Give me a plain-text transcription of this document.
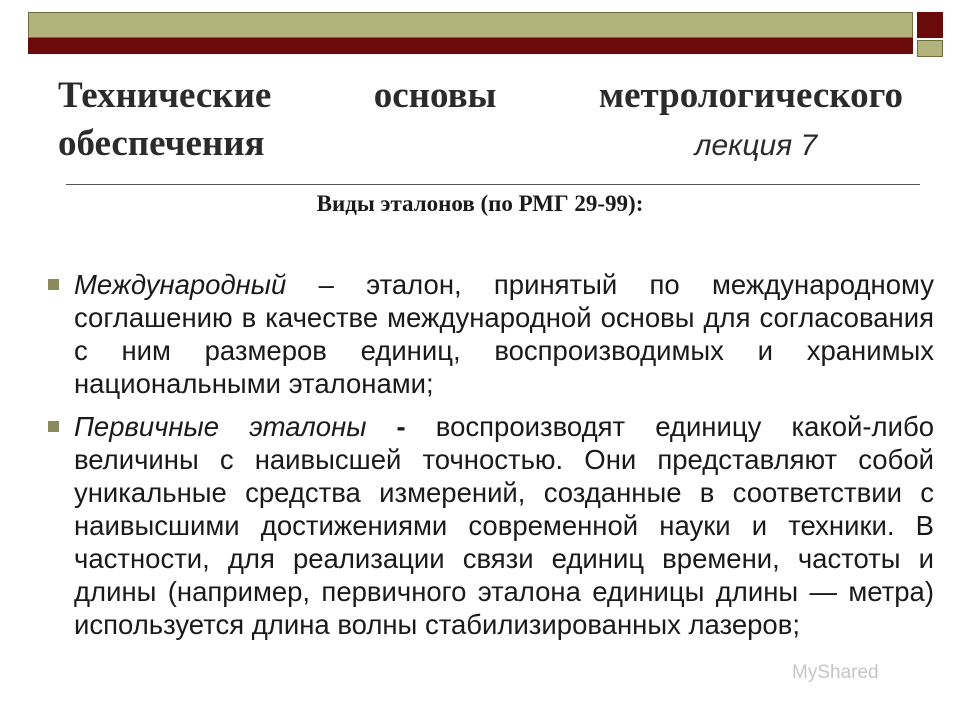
Технические	основы	метрологического
обеспечения	лекция 7
Виды эталонов (по РМГ 29-99):
Международный – эталон, принятый по международному соглашению в качестве международной основы для согласования с ним размеров единиц, воспроизводимых и хранимых национальными эталонами;
Первичные эталоны - воспроизводят единицу какой-либо величины с наивысшей точностью. Они представляют собой уникальные средства измерений, созданные в соответствии с наивысшими достижениями современной науки и техники. В частности, для реализации связи единиц времени, частоты и длины (например, первичного эталона единицы длины — метра) используется длина волны стабилизированных лазеров;
MyShared
